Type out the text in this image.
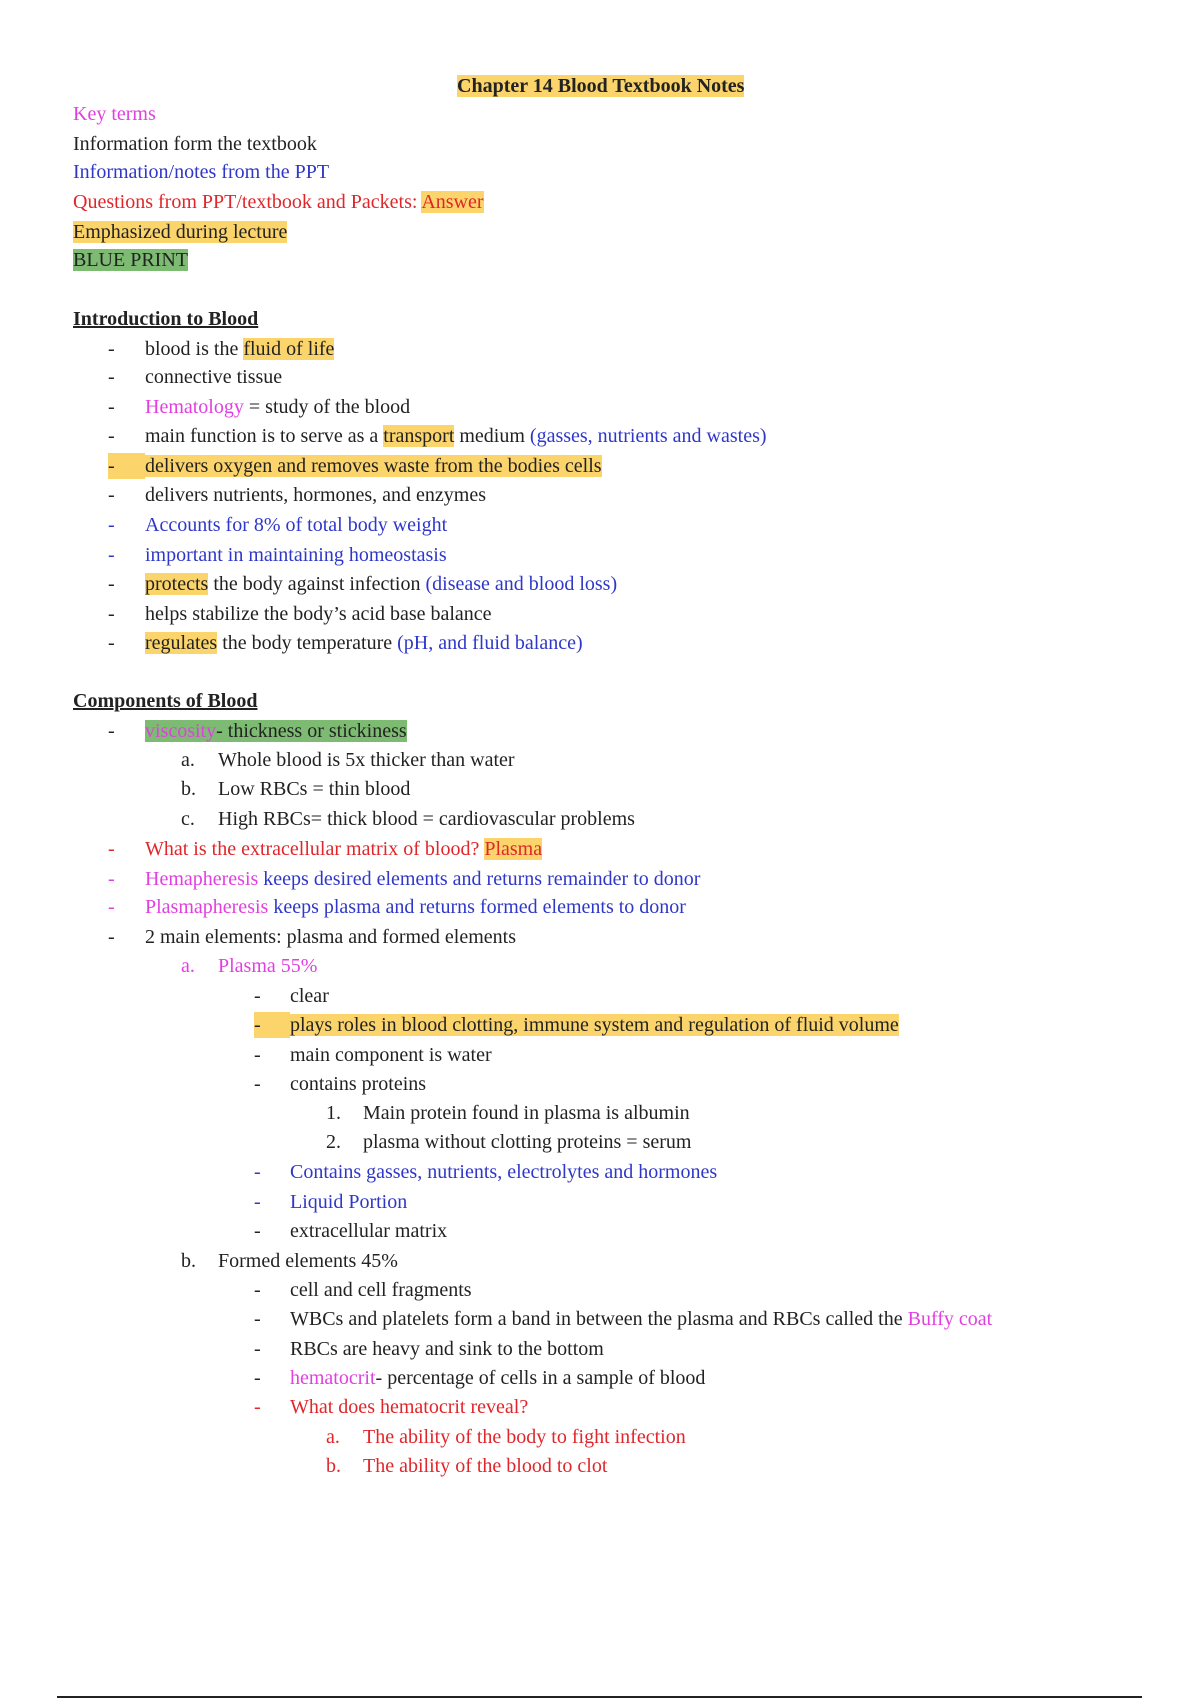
Chapter 14 Blood Textbook Notes
Key terms
Information form the textbook
Information/notes from the PPT
Questions from PPT/textbook and Packets: Answer
Emphasized during lecture
BLUE PRINT
Introduction to Blood
- blood is the fluid of life
- connective tissue
- Hematology = study of the blood
- main function is to serve as a transport medium (gasses, nutrients and wastes)
- delivers oxygen and removes waste from the bodies cells
- delivers nutrients, hormones, and enzymes
- Accounts for 8% of total body weight
- important in maintaining homeostasis
- protects the body against infection (disease and blood loss)
- helps stabilize the body’s acid base balance
- regulates the body temperature (pH, and fluid balance)
Components of Blood
- viscosity- thickness or stickiness
a. Whole blood is 5x thicker than water
b. Low RBCs = thin blood
c. High RBCs= thick blood = cardiovascular problems
- What is the extracellular matrix of blood? Plasma
- Hemapheresis keeps desired elements and returns remainder to donor
- Plasmapheresis keeps plasma and returns formed elements to donor
- 2 main elements: plasma and formed elements
a. Plasma 55%
- clear
- plays roles in blood clotting, immune system and regulation of fluid volume
- main component is water
- contains proteins
1. Main protein found in plasma is albumin
2. plasma without clotting proteins = serum
- Contains gasses, nutrients, electrolytes and hormones
- Liquid Portion
- extracellular matrix
b. Formed elements 45%
- cell and cell fragments
- WBCs and platelets form a band in between the plasma and RBCs called the Buffy coat
- RBCs are heavy and sink to the bottom
- hematocrit- percentage of cells in a sample of blood
- What does hematocrit reveal?
a. The ability of the body to fight infection
b. The ability of the blood to clot
